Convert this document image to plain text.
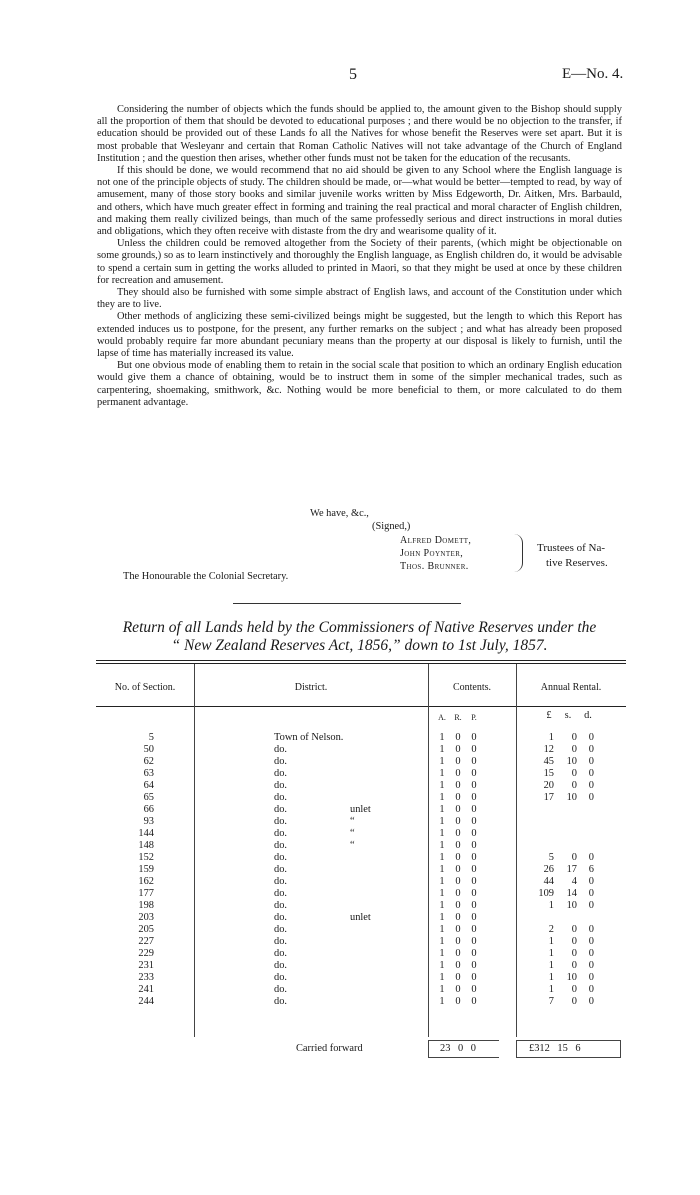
5	E—No. 4.

Considering the number of objects which the funds should be applied to, the amount given to the Bishop should supply all the proportion of them that should be devoted to educational purposes ; and there would be no objection to the transfer, if education should be provided out of these Lands fo all the Natives for whose benefit the Reserves were set apart. But it is most probable that Wesleyanr and certain that Roman Catholic Natives will not take advantage of the Church of England Institution ; and the question then arises, whether other funds must not be taken for the education of the recusants.

If this should be done, we would recommend that no aid should be given to any School where the English language is not one of the principle objects of study. The children should be made, or—what would be better—tempted to read, by way of amusement, many of those story books and similar juvenile works written by Miss Edgeworth, Dr. Aitken, Mrs. Barbauld, and others, which have much greater effect in forming and training the real practical and moral character of English children, and making them really civilized beings, than much of the same professedly serious and direct instructions in moral duties and obligations, which they often receive with distaste from the dry and wearisome quality of it.

Unless the children could be removed altogether from the Society of their parents, (which might be objectionable on some grounds,) so as to learn instinctively and thoroughly the English language, as English children do, it would be advisable to spend a certain sum in getting the works alluded to printed in Maori, so that they might be used at once by these children for recreation and amusement.

They should also be furnished with some simple abstract of English laws, and account of the Constitution under which they are to live.

Other methods of anglicizing these semi-civilized beings might be suggested, but the length to which this Report has extended induces us to postpone, for the present, any further remarks on the subject ; and what has already been proposed would probably require far more abundant pecuniary means than the property at our disposal is likely to furnish, until the lapse of time has materially increased its value.

But one obvious mode of enabling them to retain in the social scale that position to which an ordinary English education would give them a chance of obtaining, would be to instruct them in some of the simpler mechanical trades, such as carpentering, shoemaking, smithwork, &c. Nothing would be more beneficial to them, or more calculated to do them permanent advantage.

We have, &c.,
(Signed,)
Alfred Domett,
John Poynter,
Thos. Brunner.
Trustees of Na-
tive Reserves.
The Honourable the Colonial Secretary.
Return of all Lands held by the Commissioners of Native Reserves under the
“ New Zealand Reserves Act, 1856,” down to 1st July, 1857.
No. of Section.	District.	Contents.	Annual Rental.
A. R.	P.	£	s.	d.
5	Town of Nelson.	1	0	0	1	0	0
50	do.	1	0	0	12	0	0
62	do.	1	0	0	45	10	0
63	do.	1	0	0	15	0	0
64	do.	1	0	0	20	0	0
65	do.	1	0	0	17	10	0
66	do.	unlet	1	0	0
93	do.	“	1	0	0
144	do.	“	1	0	0
148	do.	“	1	0	0
152	do.	1	0	0	5	0	0
159	do.	1	0	0	26	17	6
162	do.	1	0	0	44	4	0
177	do.	1	0	0	109	14	0
198	do.	1	0	0	1	10	0
203	do.	unlet	1	0	0
205	do.	1	0	0	2	0	0
227	do.	1	0	0	1	0	0
229	do.	1	0	0	1	0	0
231	do.	1	0	0	1	0	0
233	do.	1	0	0	1	10	0
241	do.	1	0	0	1	0	0
244	do.	1	0	0	7	0	0
Carried forward	23 0 0	£312 15 6
